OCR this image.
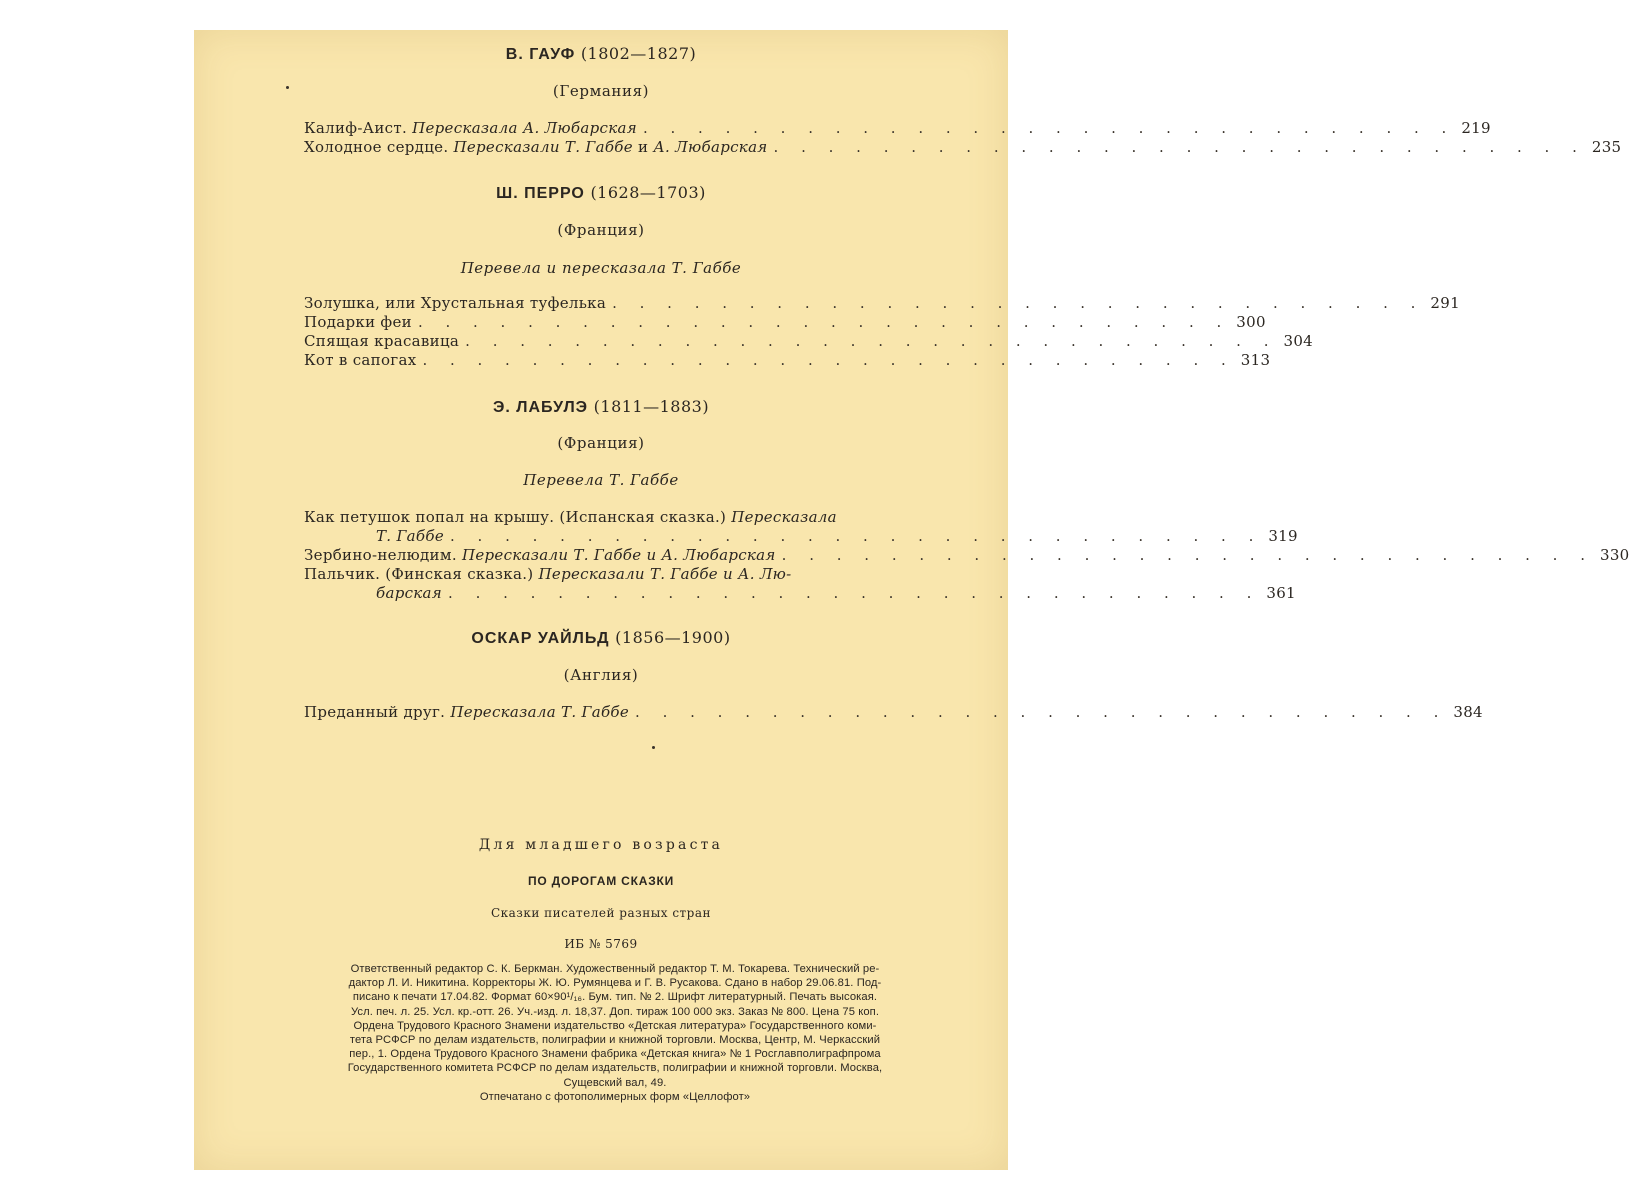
В. ГАУФ (1802—1827)
(Германия)
Калиф-Аист. Пересказала А. Любарская . . . . . . . . . . . . . . . . . . . . . . . . . . . . . . 219
Холодное сердце. Пересказали Т. Габбе и А. Любарская . . . . . . . . . . . . . . . . . . . . . . . . . . . . . . 235
Ш. ПЕРРО (1628—1703)
(Франция)
Перевела и пересказала Т. Габбе
Золушка, или Хрустальная туфелька . . . . . . . . . . . . . . . . . . . . . . . . . . . . . . 291
Подарки феи . . . . . . . . . . . . . . . . . . . . . . . . . . . . . . 300
Спящая красавица . . . . . . . . . . . . . . . . . . . . . . . . . . . . . . 304
Кот в сапогах . . . . . . . . . . . . . . . . . . . . . . . . . . . . . . 313
Э. ЛАБУЛЭ (1811—1883)
(Франция)
Перевела Т. Габбе
Как петушок попал на крышу. (Испанская сказка.) Пересказала
Т. Габбе . . . . . . . . . . . . . . . . . . . . . . . . . . . . . . 319
Зербино-нелюдим. Пересказали Т. Габбе и А. Любарская . . . . . . . . . . . . . . . . . . . . . . . . . . . . . . 330
Пальчик. (Финская сказка.) Пересказали Т. Габбе и А. Лю-
барская . . . . . . . . . . . . . . . . . . . . . . . . . . . . . . 361
ОСКАР УАЙЛЬД (1856—1900)
(Англия)
Преданный друг. Пересказала Т. Габбе . . . . . . . . . . . . . . . . . . . . . . . . . . . . . . 384
Для младшего возраста
ПО ДОРОГАМ СКАЗКИ
Сказки писателей разных стран
ИБ № 5769
Ответственный редактор С. К. Беркман. Художественный редактор Т. М. Токарева. Технический ре-
дактор Л. И. Никитина. Корректоры Ж. Ю. Румянцева и Г. В. Русакова. Сдано в набор 29.06.81. Под-
писано к печати 17.04.82. Формат 60×90¹/₁₆. Бум. тип. № 2. Шрифт литературный. Печать высокая.
Усл. печ. л. 25. Усл. кр.-отт. 26. Уч.-изд. л. 18,37. Доп. тираж 100 000 экз. Заказ № 800. Цена 75 коп.
Ордена Трудового Красного Знамени издательство «Детская литература» Государственного коми-
тета РСФСР по делам издательств, полиграфии и книжной торговли. Москва, Центр, М. Черкасский
пер., 1. Ордена Трудового Красного Знамени фабрика «Детская книга» № 1 Росглавполиграфпрома
Государственного комитета РСФСР по делам издательств, полиграфии и книжной торговли. Москва,
Сущевский вал, 49.
Отпечатано с фотополимерных форм «Целлофот»
